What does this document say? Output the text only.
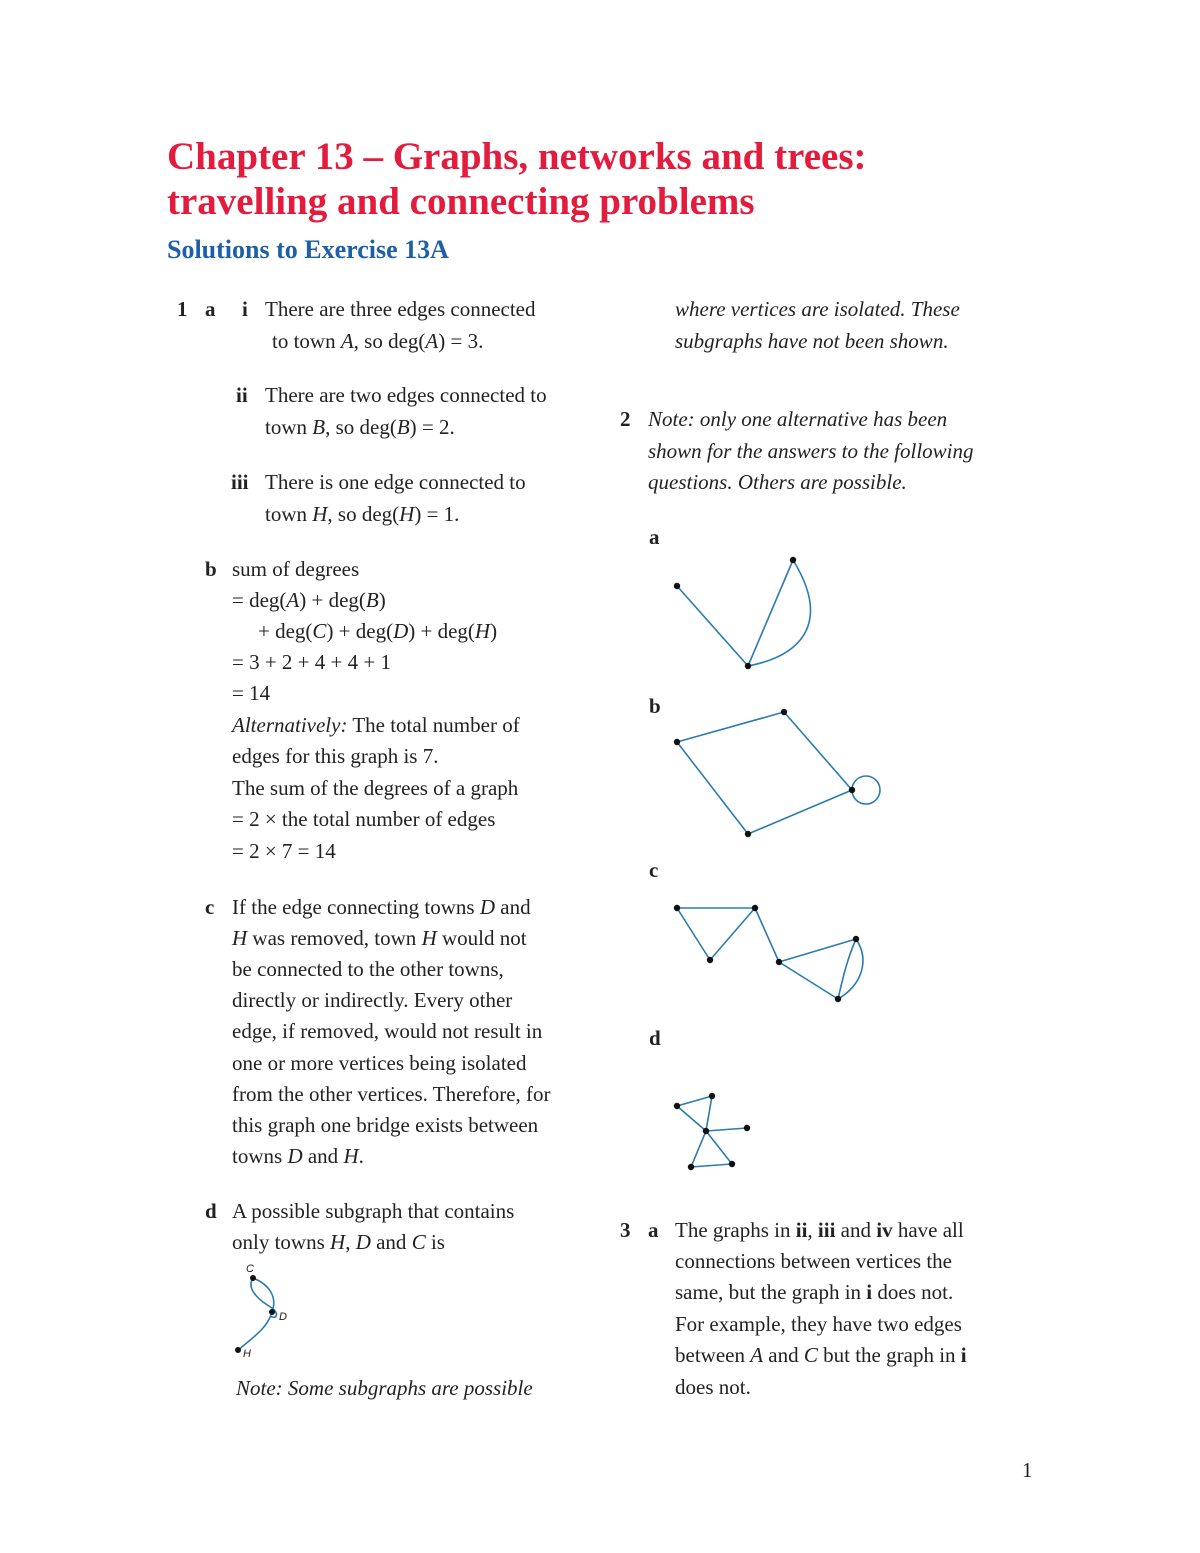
Chapter 13 – Graphs, networks and trees:
travelling and connecting problems
Solutions to Exercise 13A
1 a i There are three edges connected
to town A, so deg(A) = 3.
ii There are two edges connected to
town B, so deg(B) = 2.
iii There is one edge connected to
town H, so deg(H) = 1.
b sum of degrees
= deg(A) + deg(B)
+ deg(C) + deg(D) + deg(H)
= 3 + 2 + 4 + 4 + 1
= 14
Alternatively: The total number of
edges for this graph is 7.
The sum of the degrees of a graph
= 2 × the total number of edges
= 2 × 7 = 14
c If the edge connecting towns D and
H was removed, town H would not
be connected to the other towns,
directly or indirectly. Every other
edge, if removed, would not result in
one or more vertices being isolated
from the other vertices. Therefore, for
this graph one bridge exists between
towns D and H.
d A possible subgraph that contains
only towns H, D and C is
C
D
H
Note: Some subgraphs are possible
where vertices are isolated. These
subgraphs have not been shown.
2 Note: only one alternative has been
shown for the answers to the following
questions. Others are possible.
a
b
c
d
3 a The graphs in ii, iii and iv have all
connections between vertices the
same, but the graph in i does not.
For example, they have two edges
between A and C but the graph in i
does not.
1
